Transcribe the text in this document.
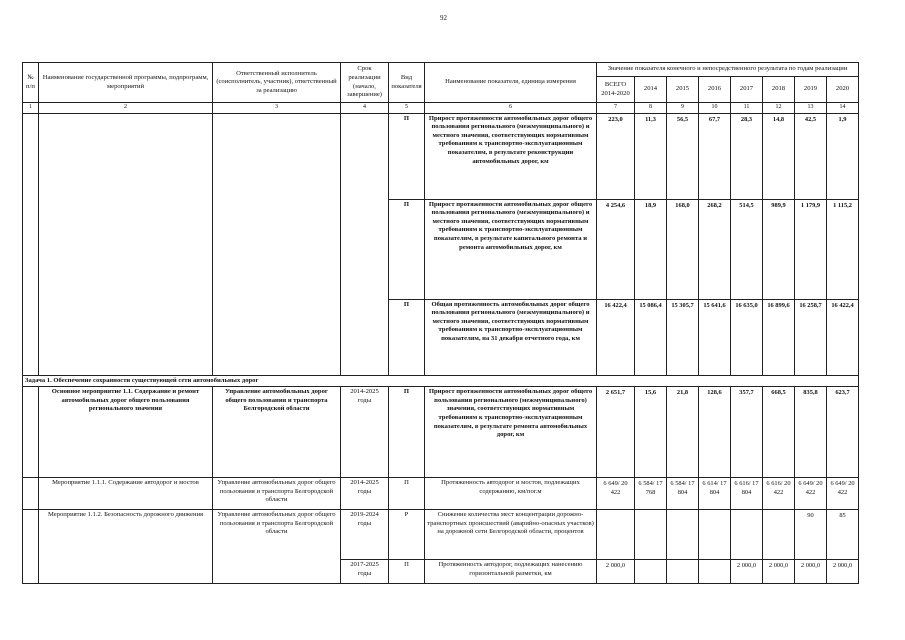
92
№
п/п	Наименование государственной программы, подпрограмм, мероприятий	Ответственный исполнитель (соисполнитель, участник), ответственный за реализацию	Срок реализации (начало, завершение)	Вид показателя	Наименование показателя, единица измерения	Значение показателя конечного и непосредственного результата по годам реализации							
						ВСЕГО 2014-2020	2014	2015	2016	2017	2018	2019	2020
1	2	3	4	5	6	7	8	9	10	11	12	13	14
				П	Прирост протяженности автомобильных дорог общего пользования регионального (межмуниципального) и местного значения, соответствующих нормативным требованиям к транспортно-эксплуатационным показателям, в результате реконструкции автомобильных дорог, км	223,0	11,3	56,5	67,7	28,3	14,8	42,5	1,9
				П	Прирост протяженности автомобильных дорог общего пользования регионального (межмуниципального) и местного значения, соответствующих нормативным требованиям к транспортно-эксплуатационным показателям, в результате капитального ремонта и ремонта автомобильных дорог, км	4 254,6	18,9	168,0	268,2	514,5	989,9	1 179,9	1 115,2
				П	Общая протяженность автомобильных дорог общего пользования регионального (межмуниципального) и местного значения, соответствующих нормативным требованиям к транспортно-эксплуатационным показателям, на 31 декабря отчетного года, км	16 422,4	15 086,4	15 305,7	15 641,6	16 635,0	16 899,6	16 258,7	16 422,4
Задача 1. Обеспечение сохранности существующей сети автомобильных дорог													
	Основное мероприятие 1.1. Содержание и ремонт автомобильных дорог общего пользования регионального значения	Управление автомобильных дорог общего пользования и транспорта Белгородской области	2014-2025 годы	П	Прирост протяженности автомобильных дорог общего пользования регионального (межмуниципального) значения, соответствующих нормативным требованиям к транспортно-эксплуатационным показателям, в результате ремонта автомобильных дорог, км	2 651,7	15,6	21,8	128,6	357,7	668,5	835,8	623,7
	Мероприятие 1.1.1. Содержание автодорог и мостов	Управление автомобильных дорог общего пользования и транспорта Белгородской области	2014-2025 годы	П	Протяженность автодорог и мостов, подлежащих содержанию, км/пог.м	6 649/ 20 422	6 584/ 17 768	6 584/ 17 804	6 614/ 17 804	6 616/ 17 804	6 616/ 20 422	6 649/ 20 422	6 649/ 20 422
	Мероприятие 1.1.2. Безопасность дорожного движения	Управление автомобильных дорог общего пользования и транспорта Белгородской области	2019-2024 годы	Р	Снижение количества мест концентрации дорожно-транспортных происшествий (аварийно-опасных участков) на дорожной сети Белгородской области, процентов							90	85
			2017-2025 годы	П	Протяженность автодорог, подлежащих нанесению горизонтальной разметки, км	2 000,0				2 000,0	2 000,0	2 000,0	2 000,0
